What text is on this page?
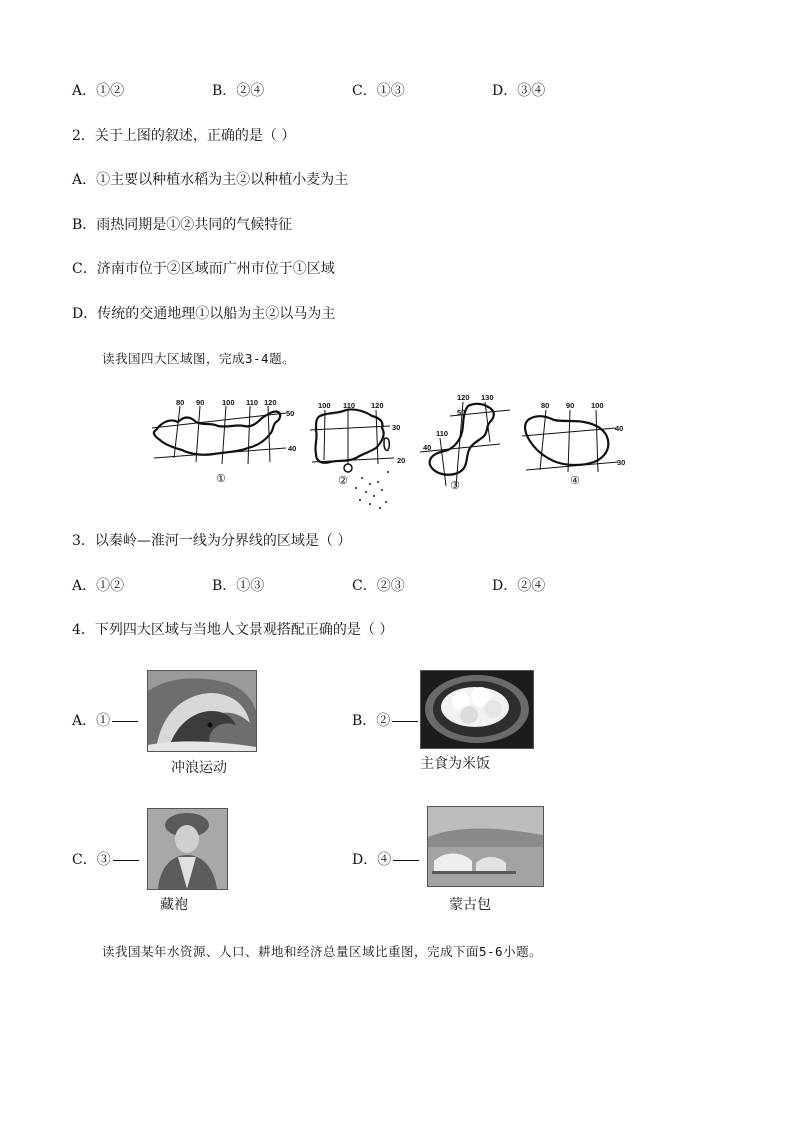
A．①②	B．②④	C．①③	D．③④
2．关于上图的叙述，正确的是（ ）
A．①主要以种植水稻为主②以种植小麦为主
B．雨热同期是①②共同的气候特征
C．济南市位于②区域而广州市位于①区域
D．传统的交通地理①以船为主②以马为主
读我国四大区域图，完成3-4题。
80 90 100 110 120
50
40
100 110 120
30
20
120 130
110
50
40
80 90 100
40
30
①	②	③	④
3．以秦岭—淮河一线为分界线的区域是（ ）
A．①②	B．①③	C．②③	D．②④
4．下列四大区域与当地人文景观搭配正确的是（ ）
A．①
冲浪运动
B．②
主食为米饭
C．③
藏袍
D．④
蒙古包
读我国某年水资源、人口、耕地和经济总量区域比重图，完成下面5-6小题。
